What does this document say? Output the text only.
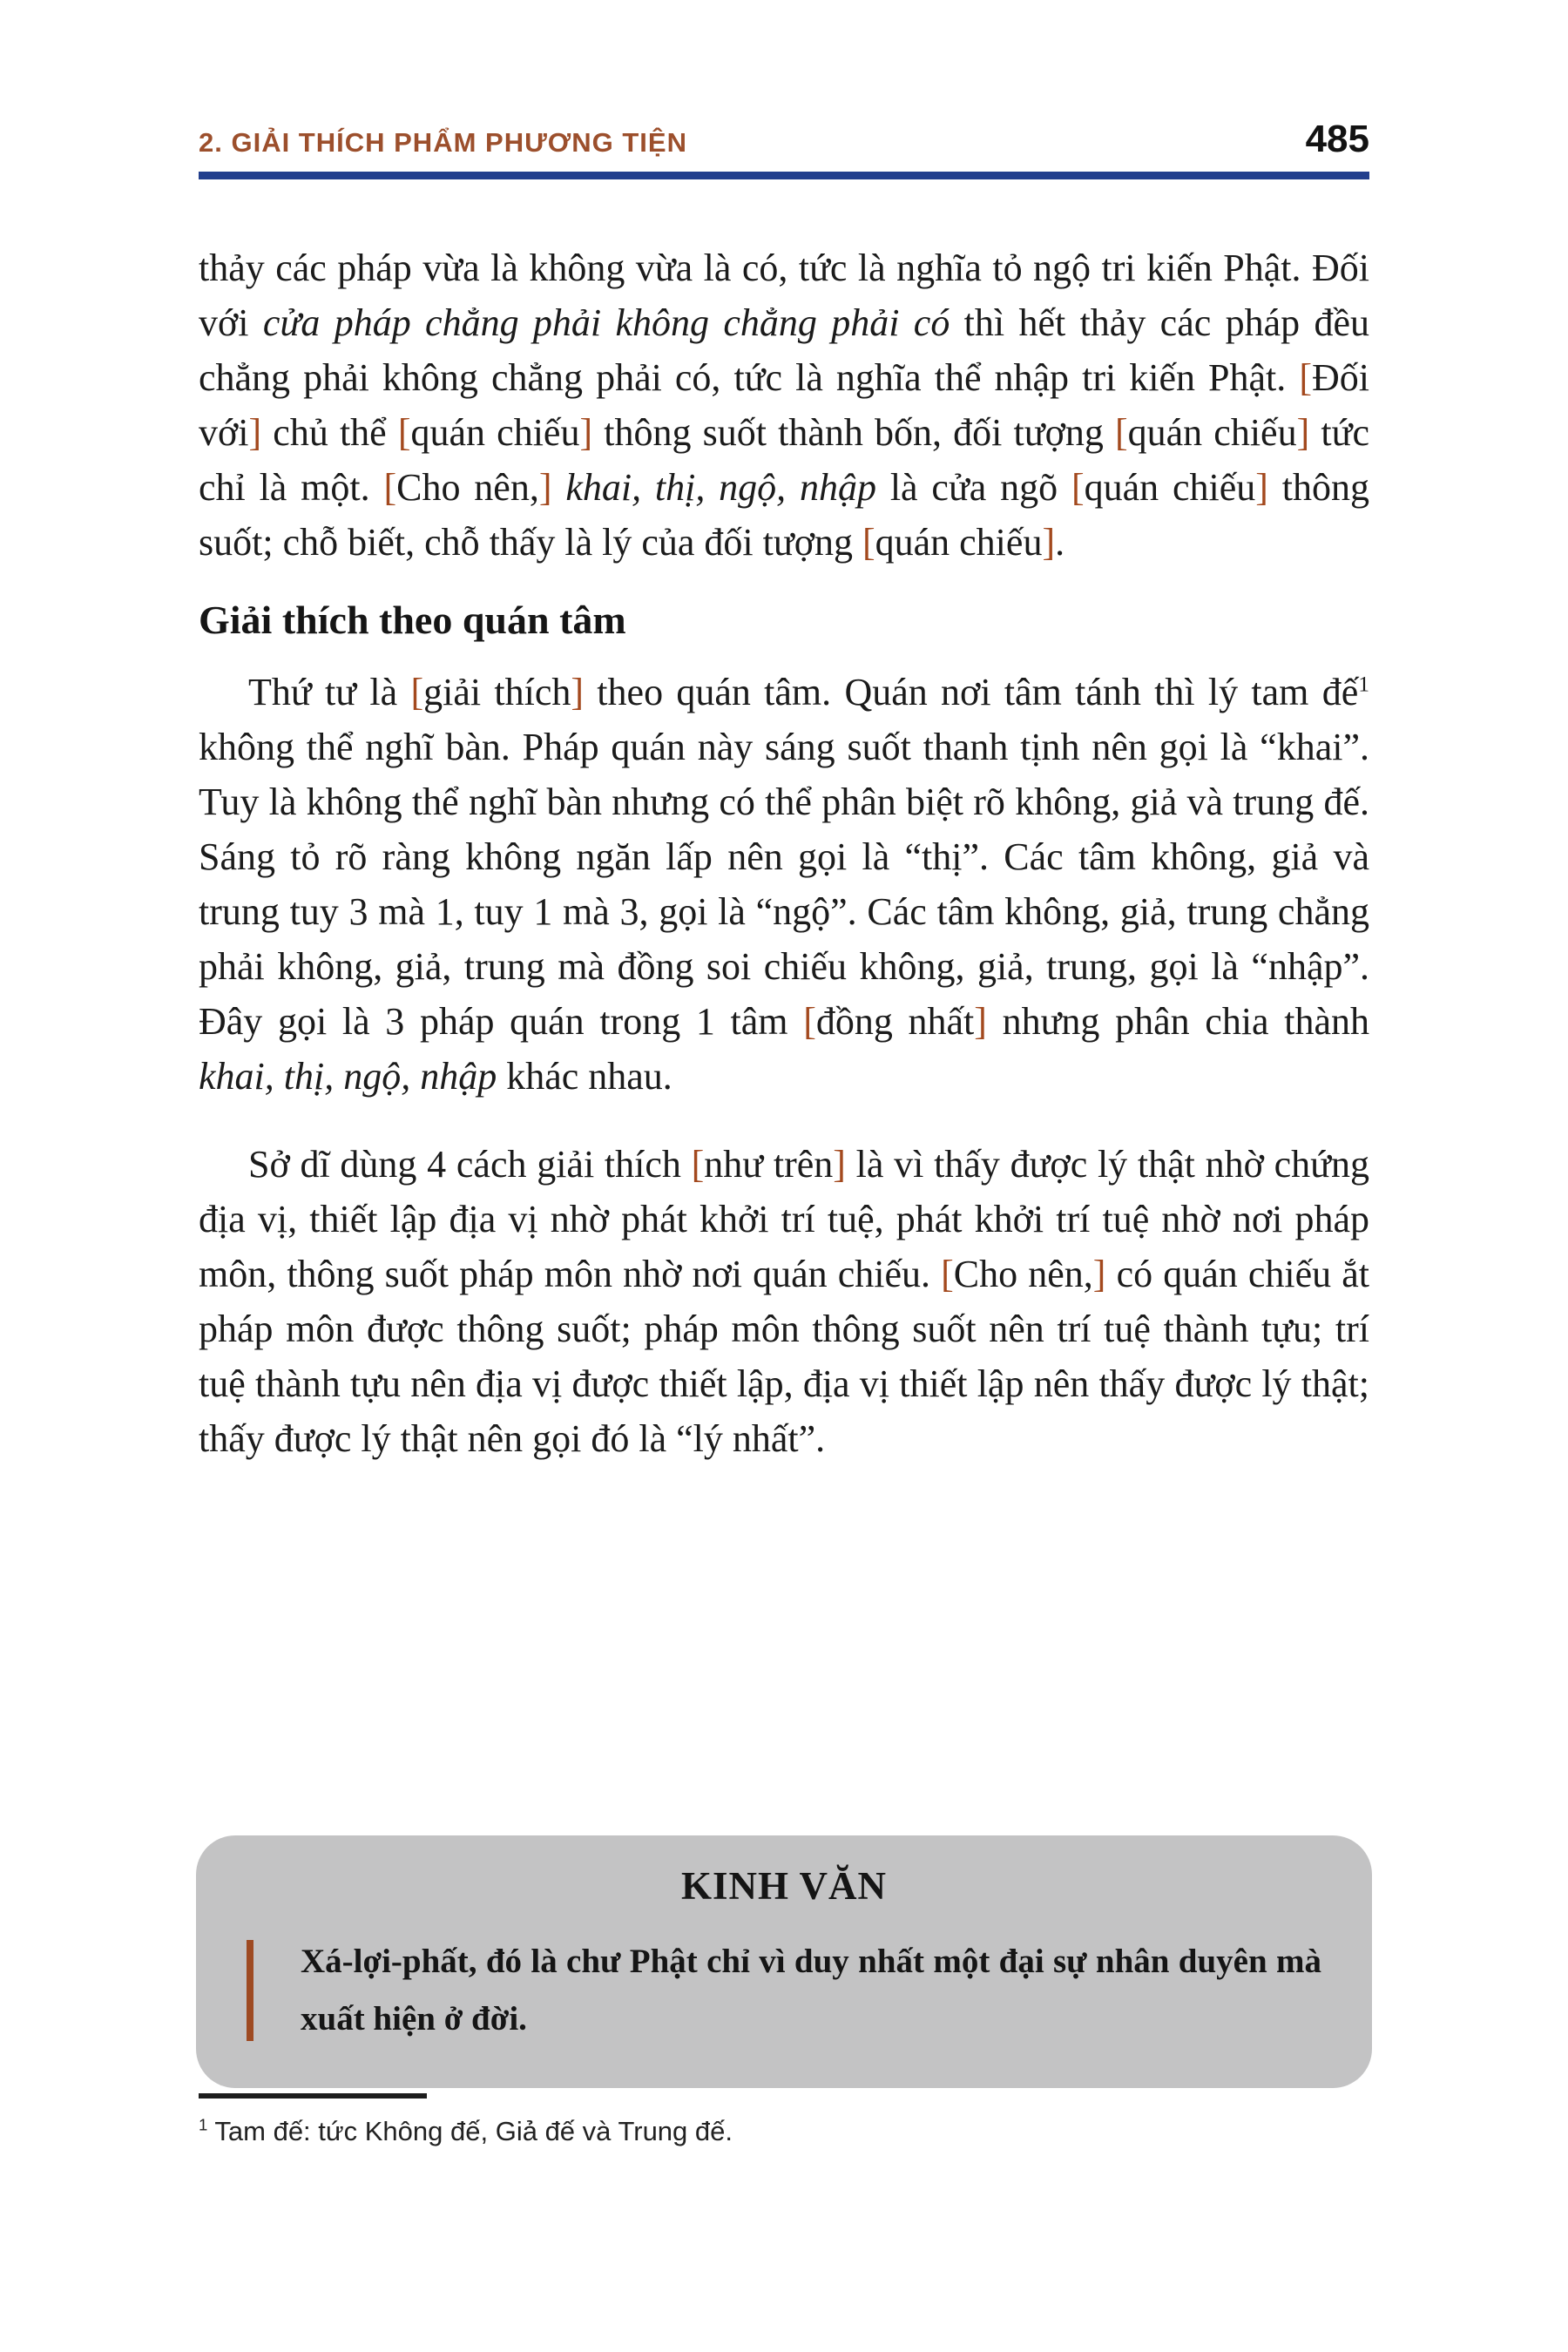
2. GIẢI THÍCH PHẨM PHƯƠNG TIỆN	485

thảy các pháp vừa là không vừa là có, tức là nghĩa tỏ ngộ tri kiến Phật. Đối với cửa pháp chẳng phải không chẳng phải có thì hết thảy các pháp đều chẳng phải không chẳng phải có, tức là nghĩa thể nhập tri kiến Phật. [Đối với] chủ thể [quán chiếu] thông suốt thành bốn, đối tượng [quán chiếu] tức chỉ là một. [Cho nên,] khai, thị, ngộ, nhập là cửa ngõ [quán chiếu] thông suốt; chỗ biết, chỗ thấy là lý của đối tượng [quán chiếu].

Giải thích theo quán tâm

Thứ tư là [giải thích] theo quán tâm. Quán nơi tâm tánh thì lý tam đế$^1$ không thể nghĩ bàn. Pháp quán này sáng suốt thanh tịnh nên gọi là “khai”. Tuy là không thể nghĩ bàn nhưng có thể phân biệt rõ không, giả và trung đế. Sáng tỏ rõ ràng không ngăn lấp nên gọi là “thị”. Các tâm không, giả và trung tuy 3 mà 1, tuy 1 mà 3, gọi là “ngộ”. Các tâm không, giả, trung chẳng phải không, giả, trung mà đồng soi chiếu không, giả, trung, gọi là “nhập”. Đây gọi là 3 pháp quán trong 1 tâm [đồng nhất] nhưng phân chia thành khai, thị, ngộ, nhập khác nhau.

Sở dĩ dùng 4 cách giải thích [như trên] là vì thấy được lý thật nhờ chứng địa vị, thiết lập địa vị nhờ phát khởi trí tuệ, phát khởi trí tuệ nhờ nơi pháp môn, thông suốt pháp môn nhờ nơi quán chiếu. [Cho nên,] có quán chiếu ắt pháp môn được thông suốt; pháp môn thông suốt nên trí tuệ thành tựu; trí tuệ thành tựu nên địa vị được thiết lập, địa vị thiết lập nên thấy được lý thật; thấy được lý thật nên gọi đó là “lý nhất”.

KINH VĂN
Xá-lợi-phất, đó là chư Phật chỉ vì duy nhất một đại sự nhân duyên mà xuất hiện ở đời.
$^1$ Tam đế: tức Không đế, Giả đế và Trung đế.
